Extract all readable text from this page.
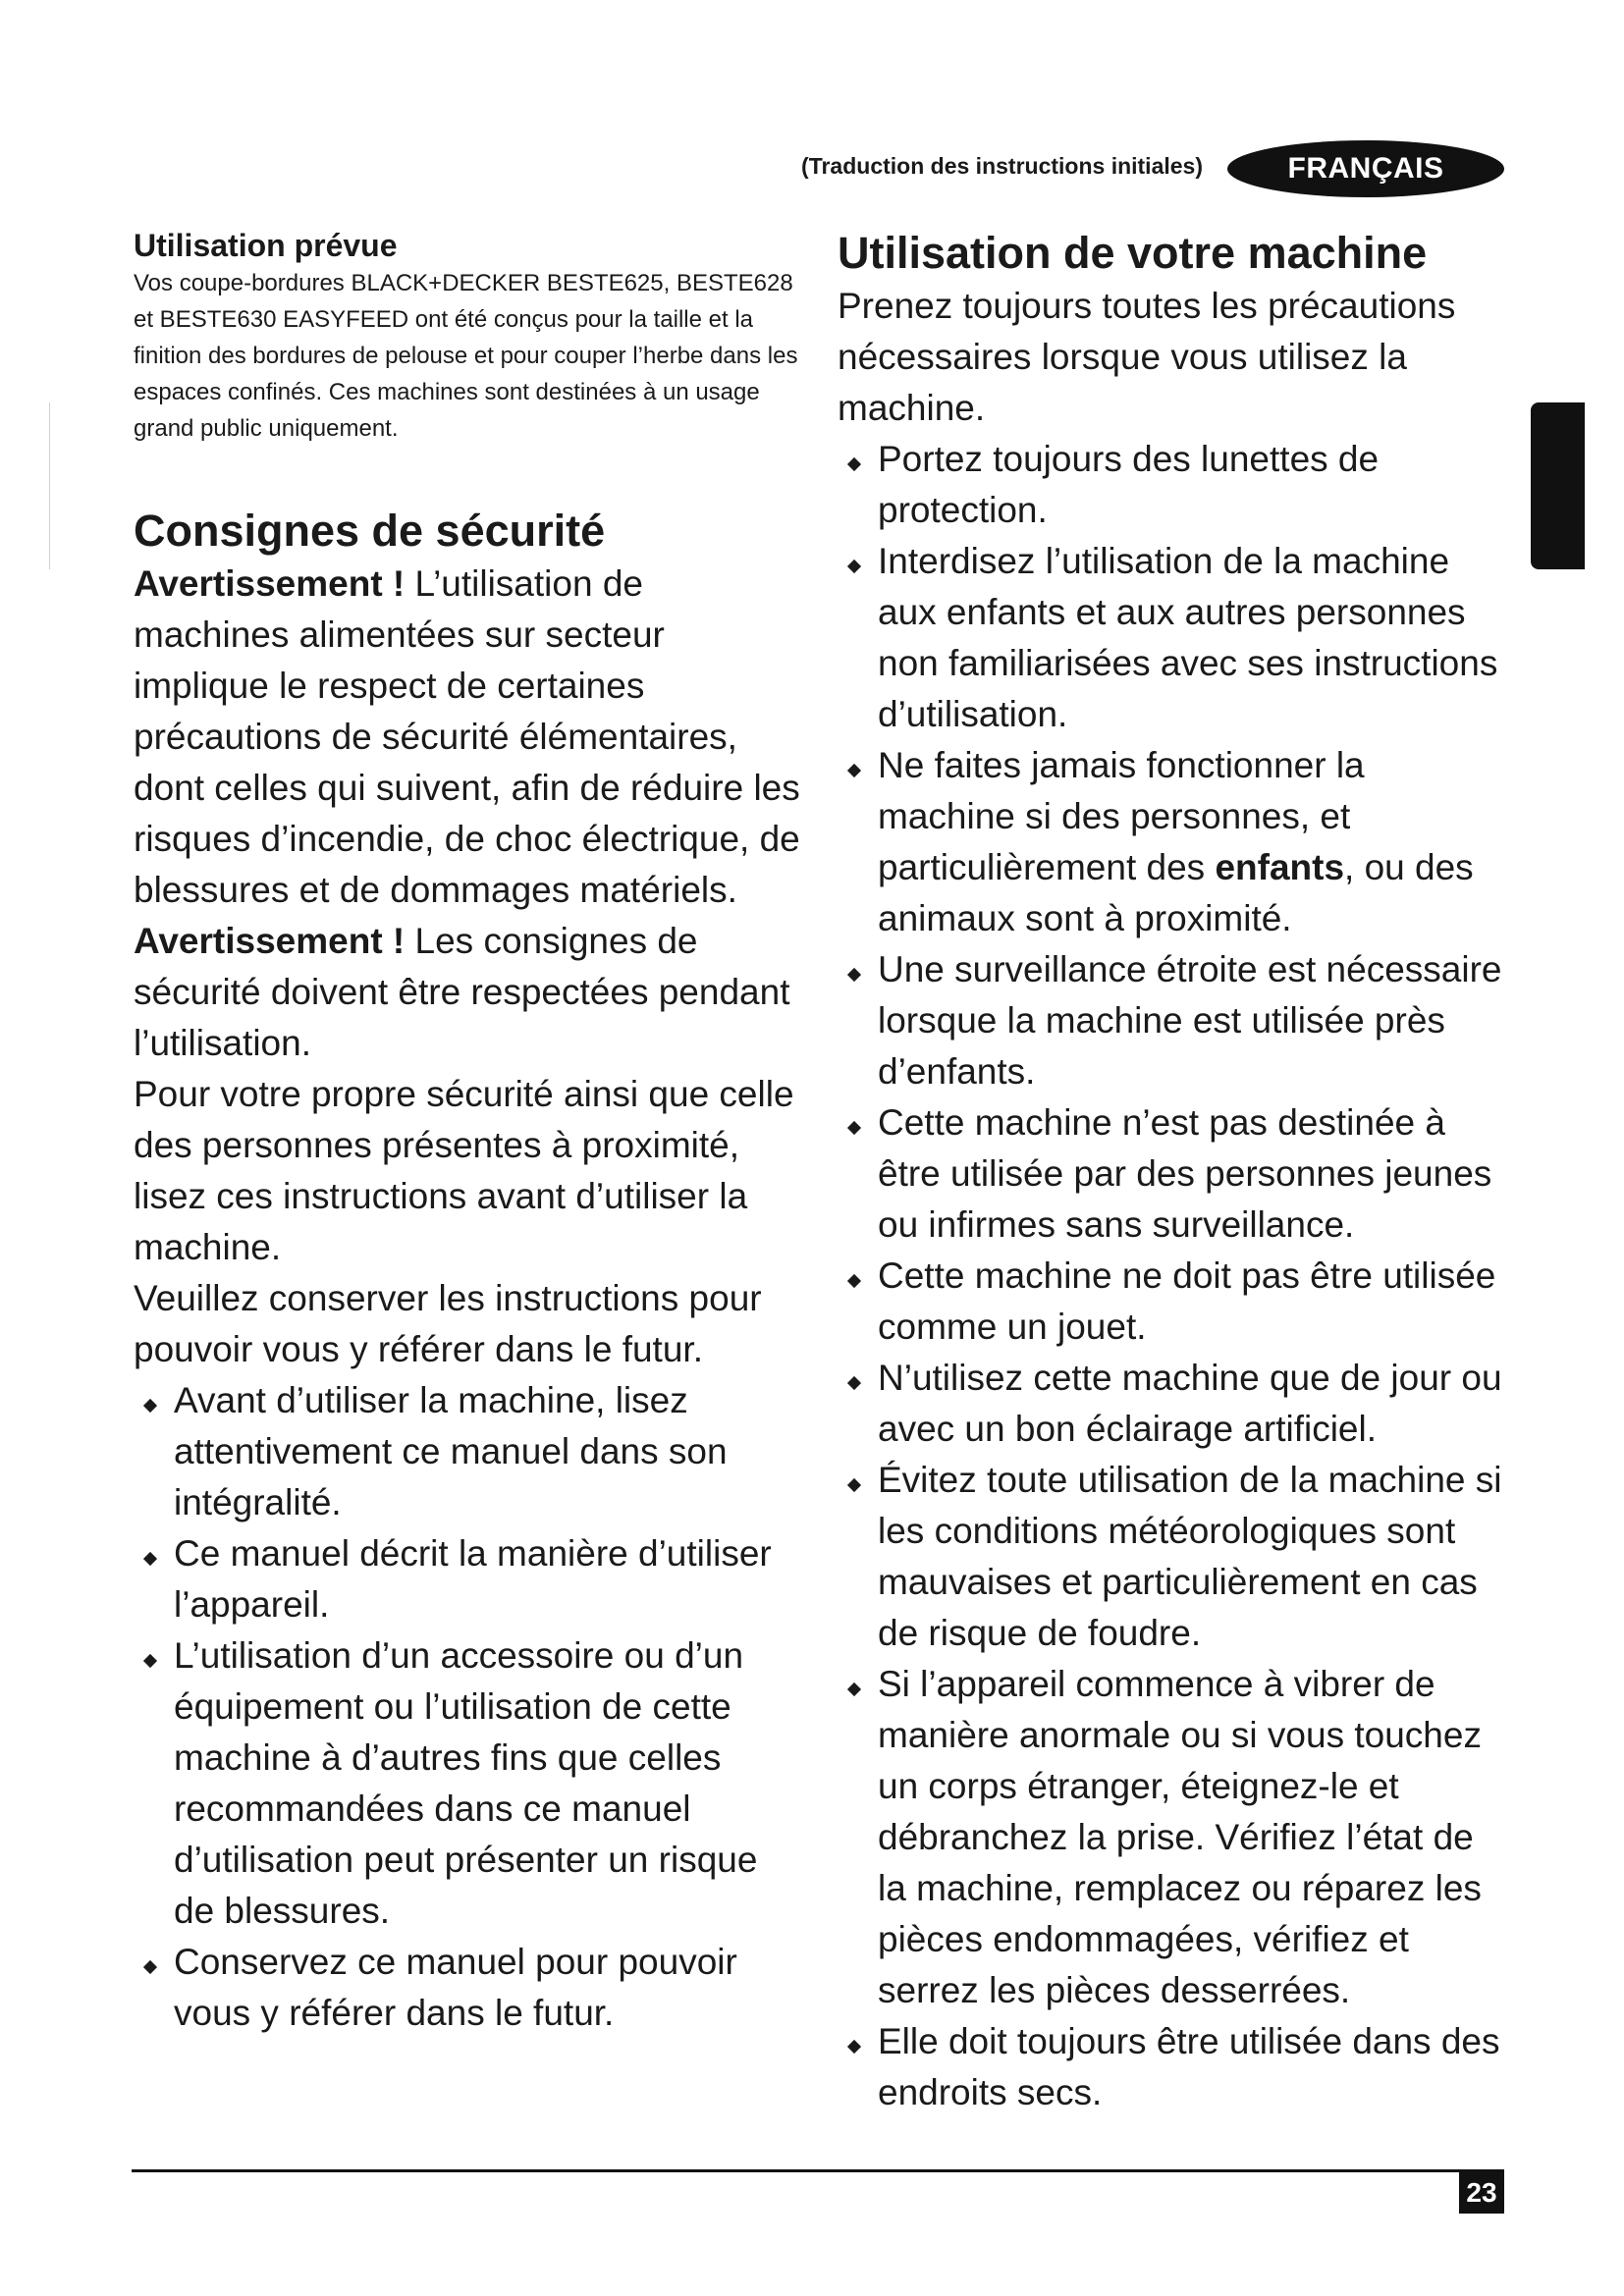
(Traduction des instructions initiales)	FRANÇAIS
Utilisation prévue

Vos coupe-bordures BLACK+DECKER BESTE625, BESTE628 et BESTE630 EASYFEED ont été conçus pour la taille et la finition des bordures de pelouse et pour couper l’herbe dans les espaces confinés. Ces machines sont destinées à un usage grand public uniquement.

Consignes de sécurité

Avertissement ! L’utilisation de machines alimentées sur secteur implique le respect de certaines précautions de sécurité élémentaires, dont celles qui suivent, afin de réduire les risques d’incendie, de choc électrique, de blessures et de dommages matériels.

Avertissement ! Les consignes de sécurité doivent être respectées pendant l’utilisation.

Pour votre propre sécurité ainsi que celle des personnes présentes à proximité, lisez ces instructions avant d’utiliser la machine.

Veuillez conserver les instructions pour pouvoir vous y référer dans le futur.

Avant d’utiliser la machine, lisez attentivement ce manuel dans son intégralité.
Ce manuel décrit la manière d’utiliser l’appareil.
L’utilisation d’un accessoire ou d’un équipement ou l’utilisation de cette machine à d’autres fins que celles recommandées dans ce manuel d’utilisation peut présenter un risque de blessures.
Conservez ce manuel pour pouvoir vous y référer dans le futur.
Utilisation de votre machine

Prenez toujours toutes les précautions nécessaires lorsque vous utilisez la machine.

Portez toujours des lunettes de protection.
Interdisez l’utilisation de la machine aux enfants et aux autres personnes non familiarisées avec ses instructions d’utilisation.
Ne faites jamais fonctionner la machine si des personnes, et particulièrement des enfants, ou des animaux sont à proximité.
Une surveillance étroite est nécessaire lorsque la machine est utilisée près d’enfants.
Cette machine n’est pas destinée à être utilisée par des personnes jeunes ou infirmes sans surveillance.
Cette machine ne doit pas être utilisée comme un jouet.
N’utilisez cette machine que de jour ou avec un bon éclairage artificiel.
Évitez toute utilisation de la machine si les conditions météorologiques sont mauvaises et particulièrement en cas de risque de foudre.
Si l’appareil commence à vibrer de manière anormale ou si vous touchez un corps étranger, éteignez-le et débranchez la prise. Vérifiez l’état de la machine, remplacez ou réparez les pièces endommagées, vérifiez et serrez les pièces desserrées.
Elle doit toujours être utilisée dans des endroits secs.
23
